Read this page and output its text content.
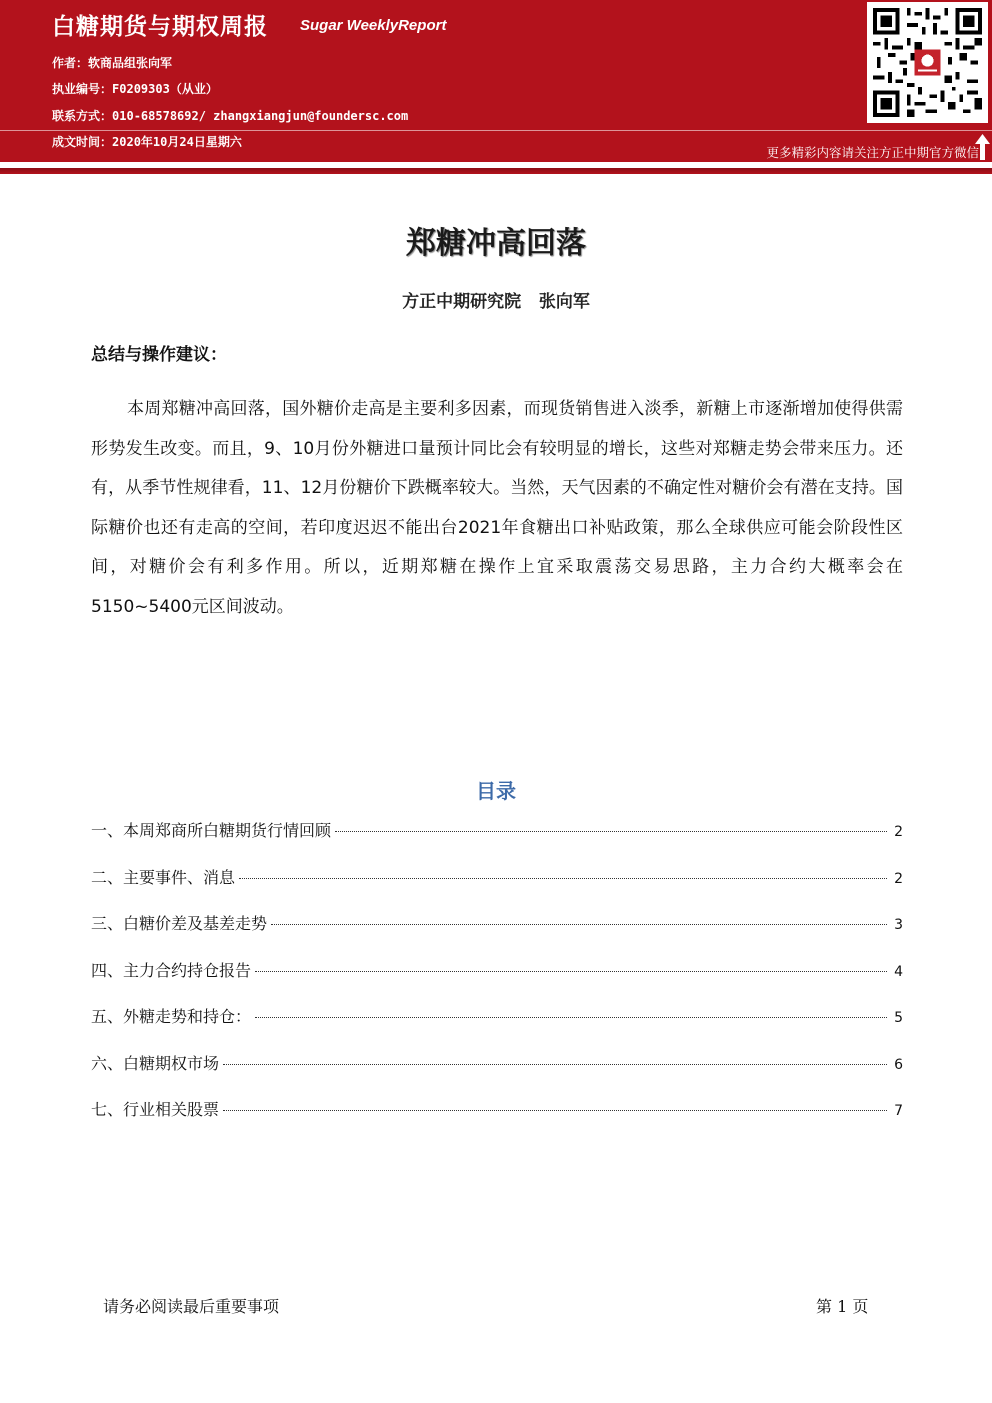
白糖期货与期权周报 Sugar WeeklyReport
作者：软商品组张向军
执业编号：F0209303（从业）
联系方式：010-68578692/ zhangxiangjun@foundersc.com
成文时间：2020年10月24日星期六
更多精彩内容请关注方正中期官方微信
郑糖冲高回落
方正中期研究院   张向军
总结与操作建议：
本周郑糖冲高回落，国外糖价走高是主要利多因素，而现货销售进入淡季，新糖上市逐渐增加使得供需形势发生改变。而且，9、10月份外糖进口量预计同比会有较明显的增长，这些对郑糖走势会带来压力。还有，从季节性规律看，11、12月份糖价下跌概率较大。当然，天气因素的不确定性对糖价会有潜在支持。国际糖价也还有走高的空间，若印度迟迟不能出台2021年食糖出口补贴政策，那么全球供应可能会阶段性区间，对糖价会有利多作用。所以，近期郑糖在操作上宜采取震荡交易思路，主力合约大概率会在5150~5400元区间波动。
目录
一、本周郑商所白糖期货行情回顾	2
二、主要事件、消息	2
三、白糖价差及基差走势	3
四、主力合约持仓报告	4
五、外糖走势和持仓：	5
六、白糖期权市场	6
七、行业相关股票	7
请务必阅读最后重要事项	第 1 页
